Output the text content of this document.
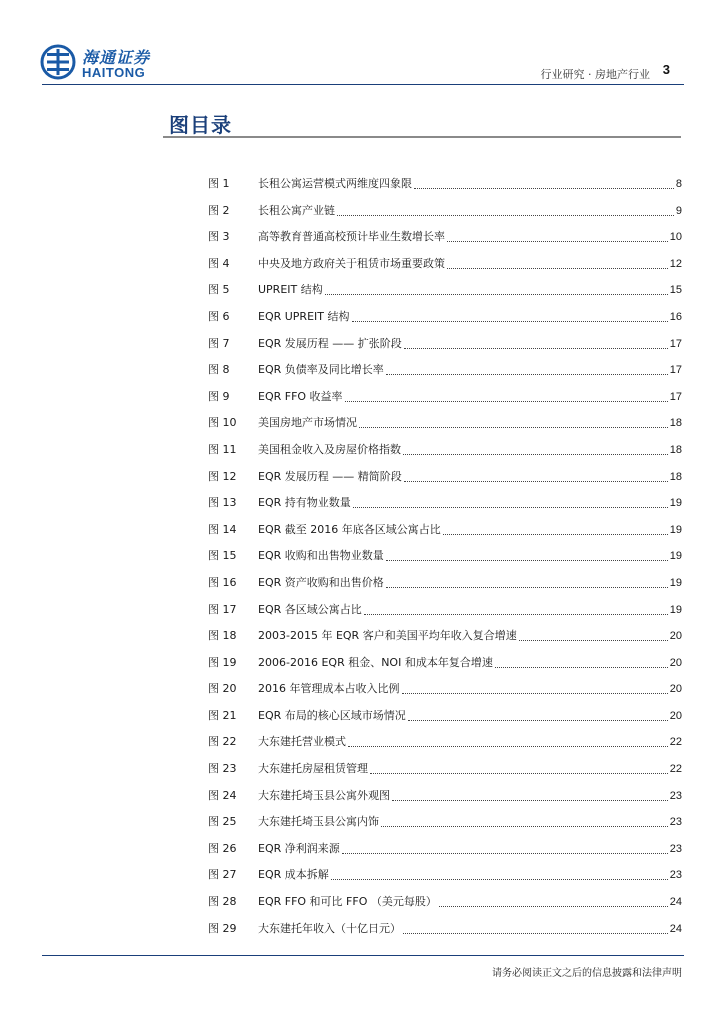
海通证券
HAITONG	行业研究 · 房地产行业 3
图目录
图 1	长租公寓运营模式两维度四象限	8
图 2	长租公寓产业链	9
图 3	高等教育普通高校预计毕业生数增长率	10
图 4	中央及地方政府关于租赁市场重要政策	12
图 5	UPREIT 结构	15
图 6	EQR UPREIT 结构	16
图 7	EQR 发展历程 —— 扩张阶段	17
图 8	EQR 负债率及同比增长率	17
图 9	EQR FFO 收益率	17
图 10	美国房地产市场情况	18
图 11	美国租金收入及房屋价格指数	18
图 12	EQR 发展历程 —— 精简阶段	18
图 13	EQR 持有物业数量	19
图 14	EQR 截至 2016 年底各区域公寓占比	19
图 15	EQR 收购和出售物业数量	19
图 16	EQR 资产收购和出售价格	19
图 17	EQR 各区域公寓占比	19
图 18	2003-2015 年 EQR 客户和美国平均年收入复合增速	20
图 19	2006-2016 EQR 租金、NOI 和成本年复合增速	20
图 20	2016 年管理成本占收入比例	20
图 21	EQR 布局的核心区域市场情况	20
图 22	大东建托营业模式	22
图 23	大东建托房屋租赁管理	22
图 24	大东建托埼玉县公寓外观图	23
图 25	大东建托埼玉县公寓内饰	23
图 26	EQR 净利润来源	23
图 27	EQR 成本拆解	23
图 28	EQR FFO 和可比 FFO （美元每股）	24
图 29	大东建托年收入（十亿日元）	24
请务必阅读正文之后的信息披露和法律声明
